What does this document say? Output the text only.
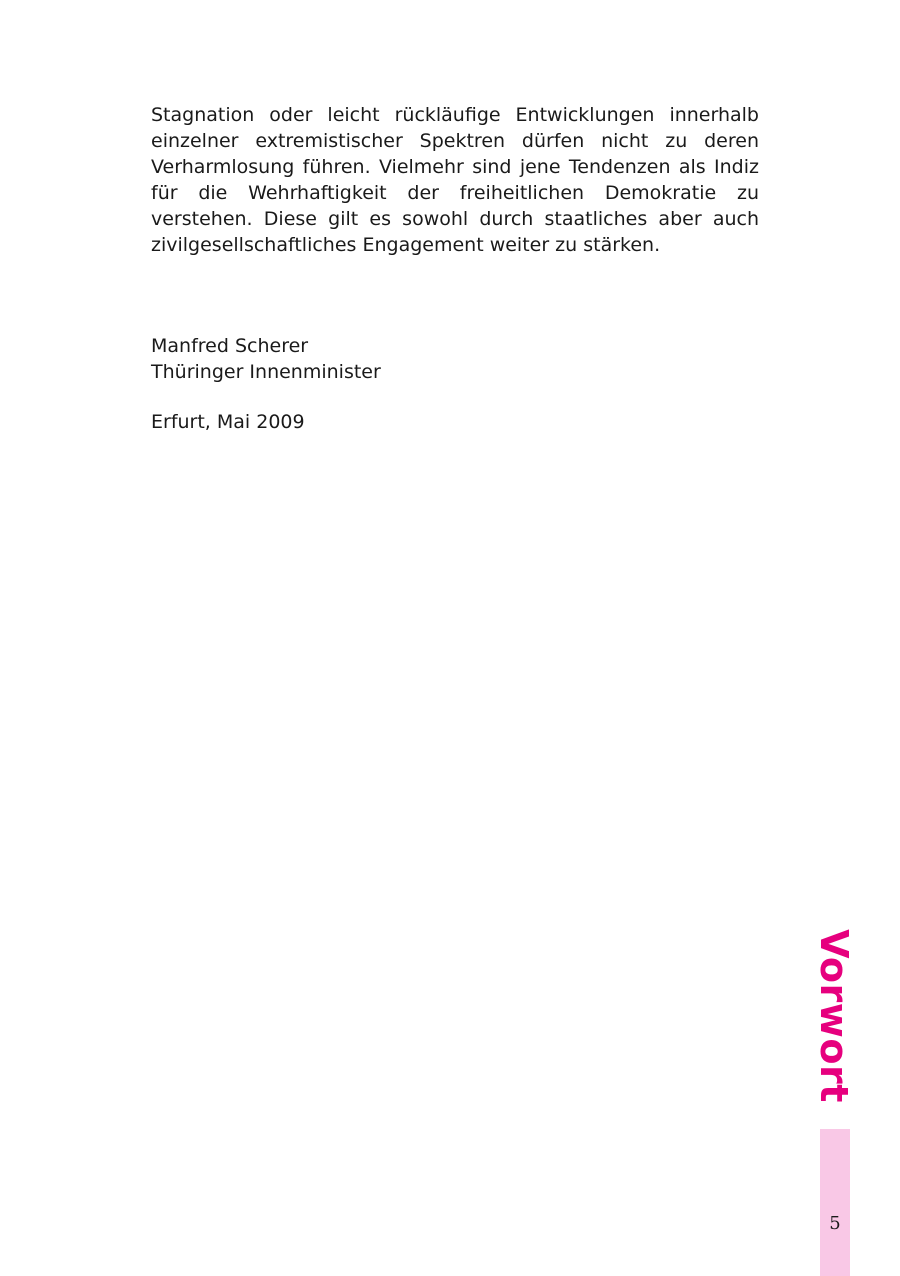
Stagnation oder leicht rückläufige Entwicklungen innerhalb einzelner extremistischer Spektren dürfen nicht zu deren Verharmlosung führen. Vielmehr sind jene Tendenzen als Indiz für die Wehrhaftigkeit der freiheitlichen Demokratie zu verstehen. Diese gilt es sowohl durch staatliches aber auch zivilgesellschaftliches Engagement weiter zu stärken.

Manfred Scherer
Thüringer Innenminister
Erfurt, Mai 2009
Vorwort
5
